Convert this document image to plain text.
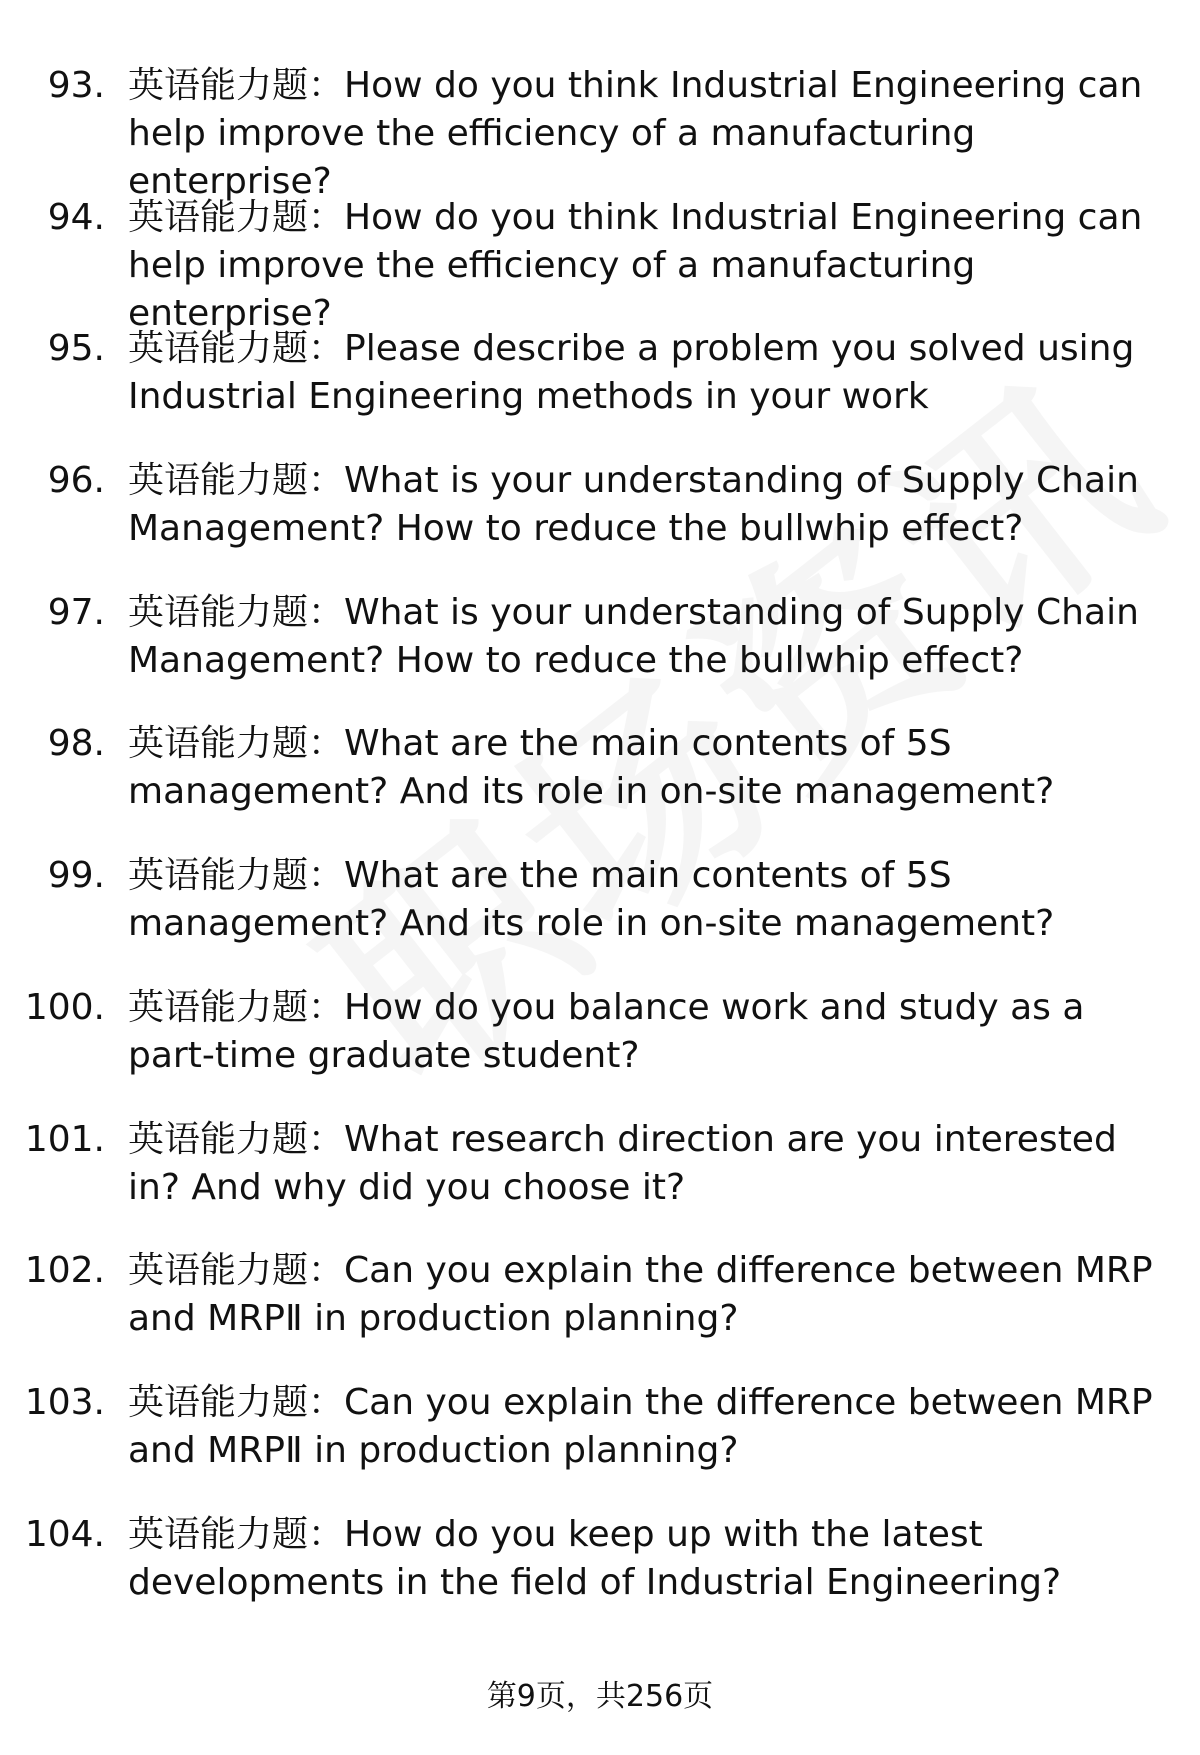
93. 英语能力题：How do you think Industrial Engineering can help improve the efficiency of a manufacturing enterprise?
94. 英语能力题：How do you think Industrial Engineering can help improve the efficiency of a manufacturing enterprise?
95. 英语能力题：Please describe a problem you solved using Industrial Engineering methods in your work
96. 英语能力题：What is your understanding of Supply Chain Management? How to reduce the bullwhip effect?
97. 英语能力题：What is your understanding of Supply Chain Management? How to reduce the bullwhip effect?
98. 英语能力题：What are the main contents of 5S management? And its role in on-site management?
99. 英语能力题：What are the main contents of 5S management? And its role in on-site management?
100. 英语能力题：How do you balance work and study as a part-time graduate student?
101. 英语能力题：What research direction are you interested in? And why did you choose it?
102. 英语能力题：Can you explain the difference between MRP and MRPⅡ in production planning?
103. 英语能力题：Can you explain the difference between MRP and MRPⅡ in production planning?
104. 英语能力题：How do you keep up with the latest developments in the field of Industrial Engineering?
第9页，共256页
